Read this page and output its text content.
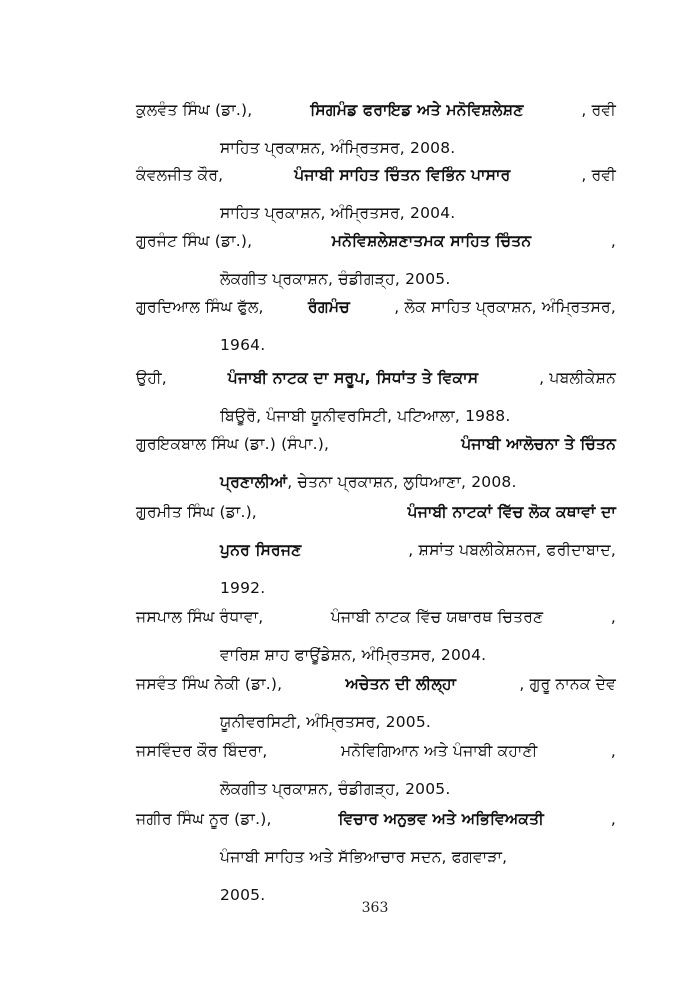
ਕੁਲਵੰਤ ਸਿੰਘ (ਡਾ.),	ਸਿਗਮੰਡ ਫਰਾਇਡ ਅਤੇ ਮਨੋਵਿਸ਼ਲੇਸ਼ਣ	, ਰਵੀ
ਸਾਹਿਤ ਪ੍ਰਕਾਸ਼ਨ, ਅੰਮ੍ਰਿਤਸਰ, 2008.
ਕੰਵਲਜੀਤ ਕੌਰ,	ਪੰਜਾਬੀ ਸਾਹਿਤ ਚਿੰਤਨ ਵਿਭਿੰਨ ਪਾਸਾਰ	, ਰਵੀ
ਸਾਹਿਤ ਪ੍ਰਕਾਸ਼ਨ, ਅੰਮ੍ਰਿਤਸਰ, 2004.
ਗੁਰਜੰਟ ਸਿੰਘ (ਡਾ.),	ਮਨੋਵਿਸ਼ਲੇਸ਼ਣਾਤਮਕ ਸਾਹਿਤ ਚਿੰਤਨ	,
ਲੋਕਗੀਤ ਪ੍ਰਕਾਸ਼ਨ, ਚੰਡੀਗੜ੍ਹ, 2005.
ਗੁਰਦਿਆਲ ਸਿੰਘ ਫੁੱਲ,	ਰੰਗਮੰਚ	, ਲੋਕ ਸਾਹਿਤ ਪ੍ਰਕਾਸ਼ਨ, ਅੰਮ੍ਰਿਤਸਰ,
1964.
ਉਹੀ,	ਪੰਜਾਬੀ ਨਾਟਕ ਦਾ ਸਰੂਪ, ਸਿਧਾਂਤ ਤੇ ਵਿਕਾਸ	, ਪਬਲੀਕੇਸ਼ਨ
ਬਿਊਰੋ, ਪੰਜਾਬੀ ਯੂਨੀਵਰਸਿਟੀ, ਪਟਿਆਲਾ, 1988.
ਗੁਰਇਕਬਾਲ ਸਿੰਘ (ਡਾ.) (ਸੰਪਾ.),	ਪੰਜਾਬੀ ਆਲੋਚਨਾ ਤੇ ਚਿੰਤਨ
ਪ੍ਰਣਾਲੀਆਂ, ਚੇਤਨਾ ਪ੍ਰਕਾਸ਼ਨ, ਲੁਧਿਆਣਾ, 2008.
ਗੁਰਮੀਤ ਸਿੰਘ (ਡਾ.),	ਪੰਜਾਬੀ ਨਾਟਕਾਂ ਵਿੱਚ ਲੋਕ ਕਥਾਵਾਂ ਦਾ
ਪੁਨਰ ਸਿਰਜਣ	, ਸ਼ਸਾਂਤ ਪਬਲੀਕੇਸ਼ਨਜ, ਫਰੀਦਾਬਾਦ,
1992.
ਜਸਪਾਲ ਸਿੰਘ ਰੰਧਾਵਾ,	ਪੰਜਾਬੀ ਨਾਟਕ ਵਿੱਚ ਯਥਾਰਥ ਚਿਤਰਣ	,
ਵਾਰਿਸ਼ ਸ਼ਾਹ ਫਾਊਂਡੇਸ਼ਨ, ਅੰਮ੍ਰਿਤਸਰ, 2004.
ਜਸਵੰਤ ਸਿੰਘ ਨੇਕੀ (ਡਾ.),	ਅਚੇਤਨ ਦੀ ਲੀਲ੍ਹਾ	, ਗੁਰੂ ਨਾਨਕ ਦੇਵ
ਯੂਨੀਵਰਸਿਟੀ, ਅੰਮ੍ਰਿਤਸਰ, 2005.
ਜਸਵਿੰਦਰ ਕੌਰ ਬਿੰਦਰਾ,	ਮਨੋਵਿਗਿਆਨ ਅਤੇ ਪੰਜਾਬੀ ਕਹਾਣੀ	,
ਲੋਕਗੀਤ ਪ੍ਰਕਾਸ਼ਨ, ਚੰਡੀਗੜ੍ਹ, 2005.
ਜਗੀਰ ਸਿੰਘ ਨੂਰ (ਡਾ.),	ਵਿਚਾਰ ਅਨੁਭਵ ਅਤੇ ਅਭਿਵਿਅਕਤੀ	,
ਪੰਜਾਬੀ ਸਾਹਿਤ ਅਤੇ ਸੱਭਿਆਚਾਰ ਸਦਨ, ਫਗਵਾੜਾ,
2005.
363
